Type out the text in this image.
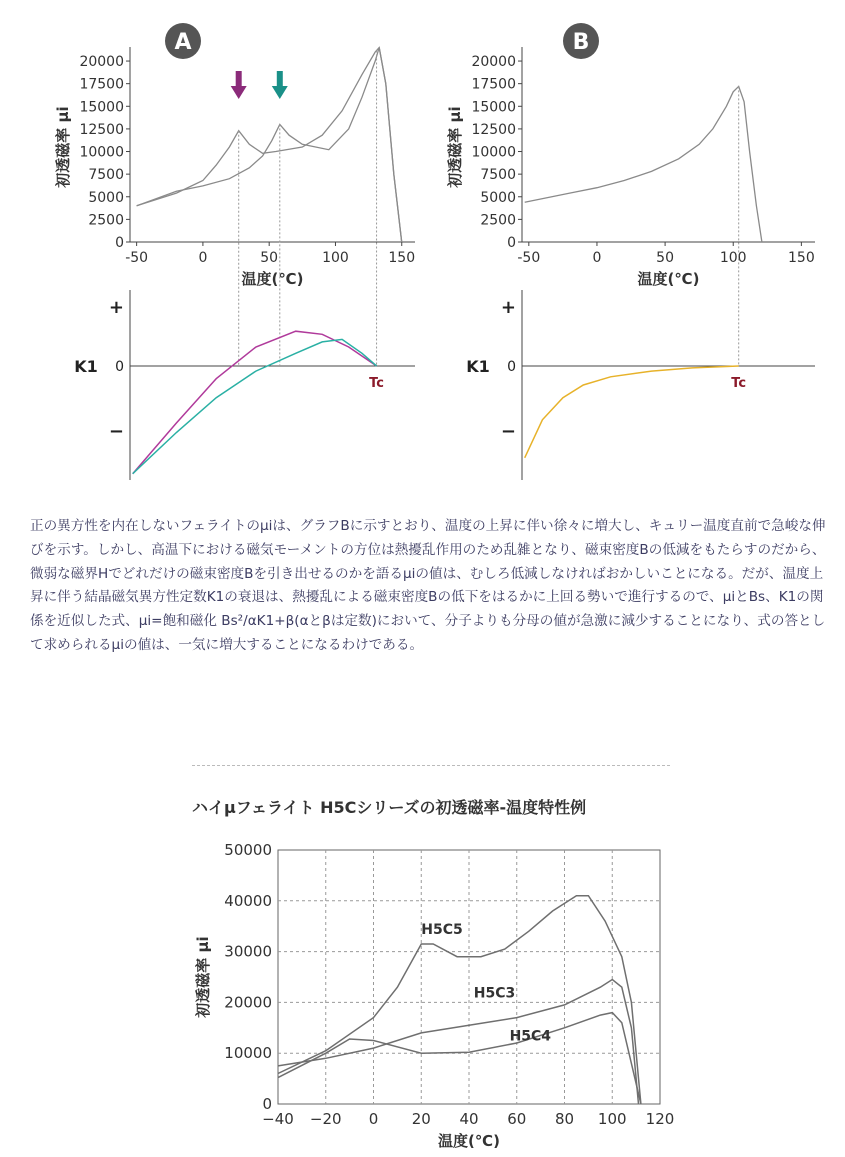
A
0
2500
5000
7500
10000
12500
15000
17500
20000
-50	0	50	100	150
初透磁率 μi
温度(℃)
B
0
2500
5000
7500
10000
12500
15000
17500
20000
-50	0	50	100	150
初透磁率 μi
温度(℃)
+
0
−
K1
Tc
+
0
−
K1
Tc

正の異方性を内在しないフェライトのμiは、グラフBに示すとおり、温度の上昇に伴い徐々に増大し、キュリー温度直前で急峻な伸びを示す。しかし、高温下における磁気モーメントの方位は熱擾乱作用のため乱雑となり、磁束密度Bの低減をもたらすのだから、微弱な磁界Hでどれだけの磁束密度Bを引き出せるのかを語るμiの値は、むしろ低減しなければおかしいことになる。だが、温度上昇に伴う結晶磁気異方性定数K1の衰退は、熱擾乱による磁束密度Bの低下をはるかに上回る勢いで進行するので、μiとBs、K1の関係を近似した式、μi=飽和磁化 Bs²/αK1+β(αとβは定数)において、分子よりも分母の値が急激に減少することになり、式の答として求められるμiの値は、一気に増大することになるわけである。

ハイμフェライト H5Cシリーズの初透磁率-温度特性例
−40 −20 0 20 40 60 80 100 120
0
10000
20000
30000
40000
50000
初透磁率 μi
温度(℃)
H5C5
H5C3
H5C4
